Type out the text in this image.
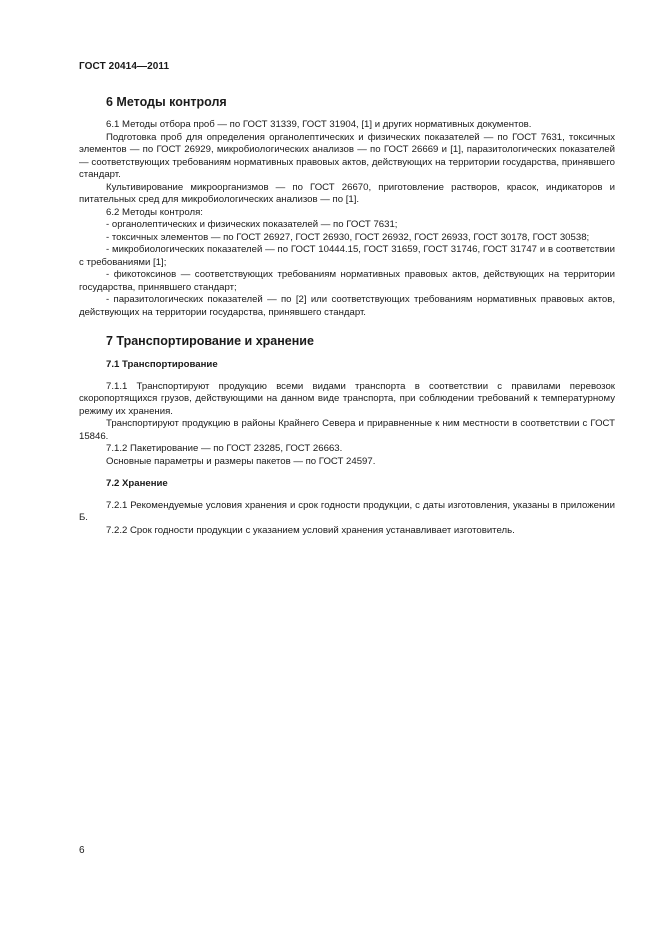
ГОСТ 20414—2011
6 Методы контроля

6.1 Методы отбора проб — по ГОСТ 31339, ГОСТ 31904, [1] и других нормативных документов.

Подготовка проб для определения органолептических и физических показателей — по ГОСТ 7631, токсичных элементов — по ГОСТ 26929, микробиологических анализов — по ГОСТ 26669 и [1], паразитологических показателей — соответствующих требованиям нормативных правовых актов, действующих на территории государства, принявшего стандарт.

Культивирование микроорганизмов — по ГОСТ 26670, приготовление растворов, красок, индикаторов и питательных сред для микробиологических анализов — по [1].

6.2 Методы контроля:

- органолептических и физических показателей — по ГОСТ 7631;

- токсичных элементов — по ГОСТ 26927, ГОСТ 26930, ГОСТ 26932, ГОСТ 26933, ГОСТ 30178, ГОСТ 30538;

- микробиологических показателей — по ГОСТ 10444.15, ГОСТ 31659, ГОСТ 31746, ГОСТ 31747 и в соответствии с требованиями [1];

- фикотоксинов — соответствующих требованиям нормативных правовых актов, действующих на территории государства, принявшего стандарт;

- паразитологических показателей — по [2] или соответствующих требованиям нормативных правовых актов, действующих на территории государства, принявшего стандарт.

7 Транспортирование и хранение

7.1 Транспортирование

7.1.1 Транспортируют продукцию всеми видами транспорта в соответствии с правилами перевозок скоропортящихся грузов, действующими на данном виде транспорта, при соблюдении требований к температурному режиму их хранения.

Транспортируют продукцию в районы Крайнего Севера и приравненные к ним местности в соответствии с ГОСТ 15846.

7.1.2 Пакетирование — по ГОСТ 23285, ГОСТ 26663.

Основные параметры и размеры пакетов — по ГОСТ 24597.

7.2 Хранение

7.2.1 Рекомендуемые условия хранения и срок годности продукции, с даты изготовления, указаны в приложении Б.

7.2.2 Срок годности продукции с указанием условий хранения устанавливает изготовитель.

6
